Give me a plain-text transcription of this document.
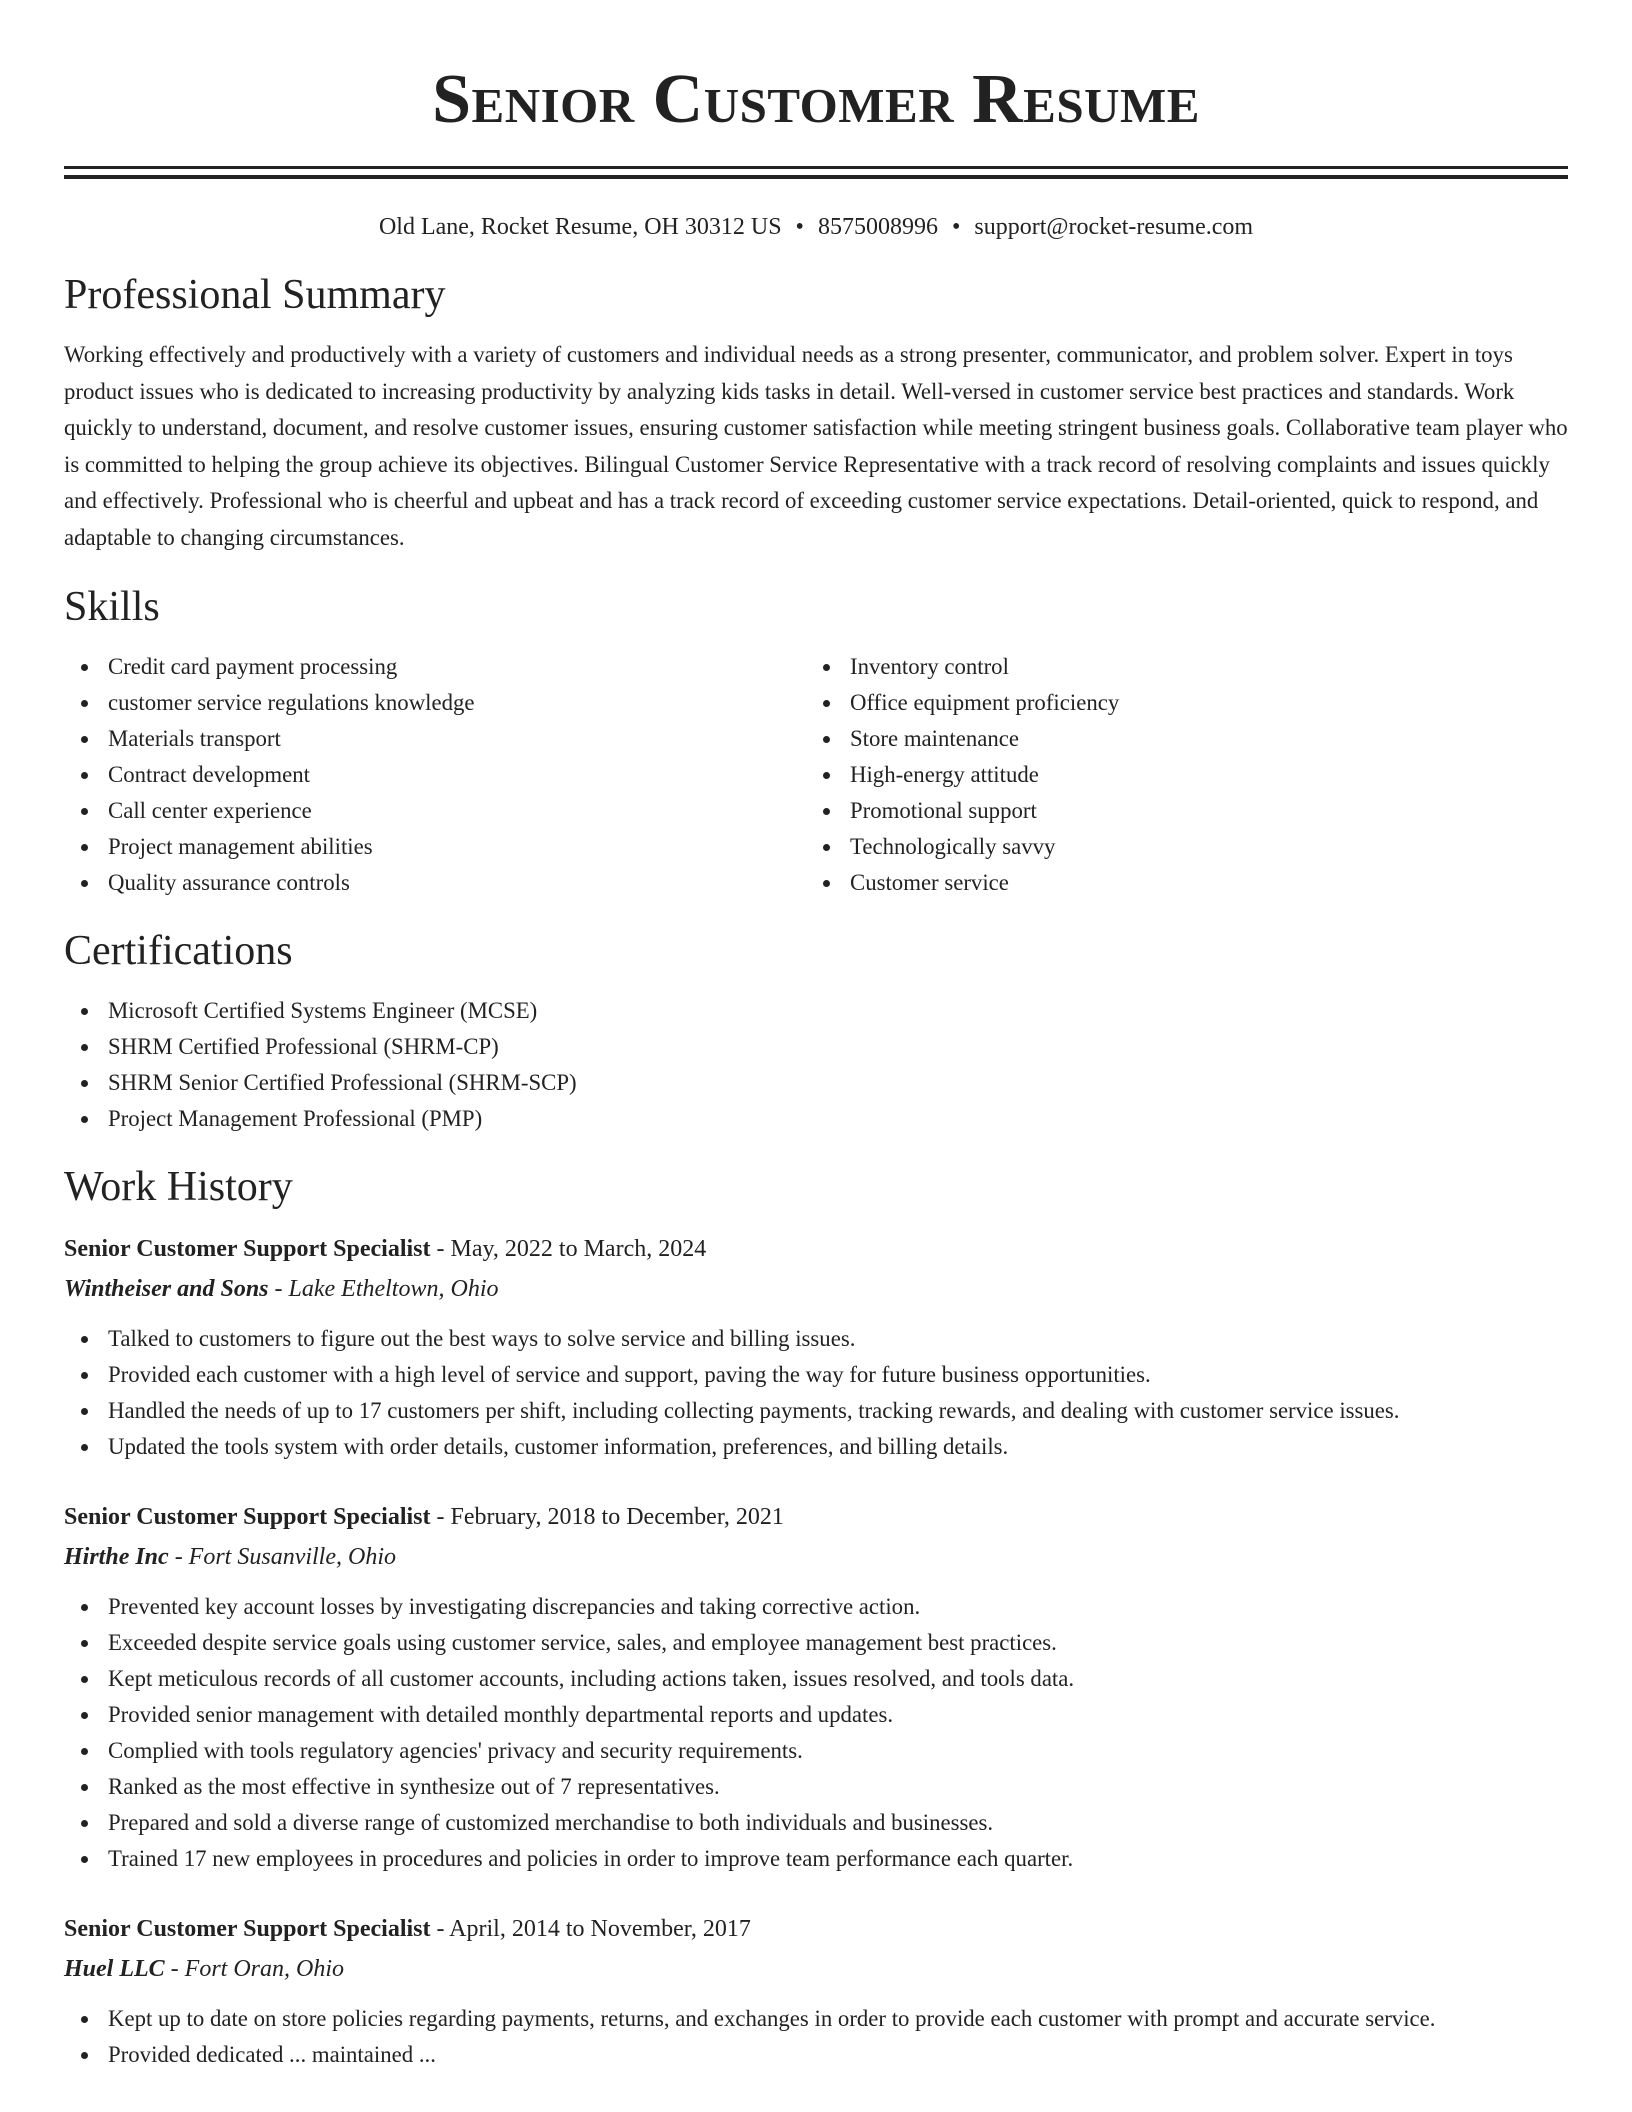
Senior Customer Resume
Old Lane, Rocket Resume, OH 30312 US • 8575008996 • support@rocket-resume.com
Professional Summary

Working effectively and productively with a variety of customers and individual needs as a strong presenter, communicator, and problem solver. Expert in toys product issues who is dedicated to increasing productivity by analyzing kids tasks in detail. Well-versed in customer service best practices and standards. Work quickly to understand, document, and resolve customer issues, ensuring customer satisfaction while meeting stringent business goals. Collaborative team player who is committed to helping the group achieve its objectives. Bilingual Customer Service Representative with a track record of resolving complaints and issues quickly and effectively. Professional who is cheerful and upbeat and has a track record of exceeding customer service expectations. Detail-oriented, quick to respond, and adaptable to changing circumstances.

Skills
Credit card payment processing
customer service regulations knowledge
Materials transport
Contract development
Call center experience
Project management abilities
Quality assurance controls
Inventory control
Office equipment proficiency
Store maintenance
High-energy attitude
Promotional support
Technologically savvy
Customer service
Certifications
Microsoft Certified Systems Engineer (MCSE)
SHRM Certified Professional (SHRM-CP)
SHRM Senior Certified Professional (SHRM-SCP)
Project Management Professional (PMP)
Work History
Senior Customer Support Specialist - May, 2022 to March, 2024
Wintheiser and Sons - Lake Etheltown, Ohio
Talked to customers to figure out the best ways to solve service and billing issues.
Provided each customer with a high level of service and support, paving the way for future business opportunities.
Handled the needs of up to 17 customers per shift, including collecting payments, tracking rewards, and dealing with customer service issues.
Updated the tools system with order details, customer information, preferences, and billing details.
Senior Customer Support Specialist - February, 2018 to December, 2021
Hirthe Inc - Fort Susanville, Ohio
Prevented key account losses by investigating discrepancies and taking corrective action.
Exceeded despite service goals using customer service, sales, and employee management best practices.
Kept meticulous records of all customer accounts, including actions taken, issues resolved, and tools data.
Provided senior management with detailed monthly departmental reports and updates.
Complied with tools regulatory agencies' privacy and security requirements.
Ranked as the most effective in synthesize out of 7 representatives.
Prepared and sold a diverse range of customized merchandise to both individuals and businesses.
Trained 17 new employees in procedures and policies in order to improve team performance each quarter.
Senior Customer Support Specialist - April, 2014 to November, 2017
Huel LLC - Fort Oran, Ohio
Kept up to date on store policies regarding payments, returns, and exchanges in order to provide each customer with prompt and accurate service.
Provided dedicated ... maintained ...
